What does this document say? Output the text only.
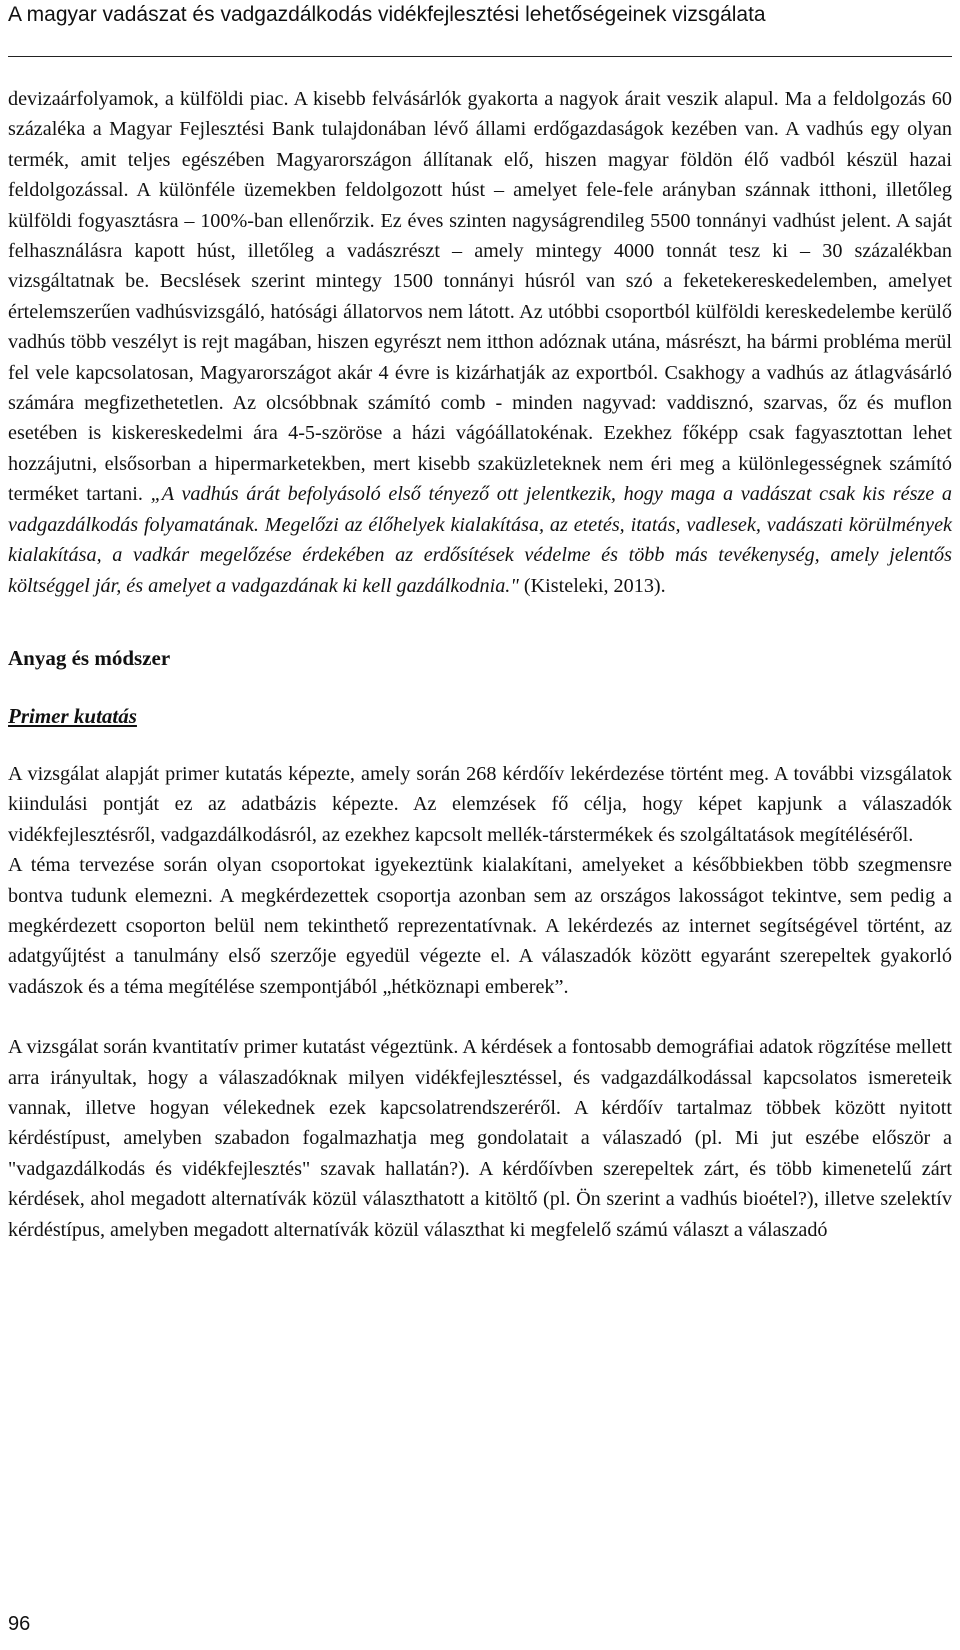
A magyar vadászat és vadgazdálkodás vidékfejlesztési lehetőségeinek vizsgálata

devizaárfolyamok, a külföldi piac. A kisebb felvásárlók gyakorta a nagyok árait veszik alapul. Ma a feldolgozás 60 százaléka a Magyar Fejlesztési Bank tulajdonában lévő állami erdőgazdaságok kezében van. A vadhús egy olyan termék, amit teljes egészében Magyarországon állítanak elő, hiszen magyar földön élő vadból készül hazai feldolgozással. A különféle üzemekben feldolgozott húst – amelyet fele-fele arányban szánnak itthoni, illetőleg külföldi fogyasztásra – 100%-ban ellenőrzik. Ez éves szinten nagyságrendileg 5500 tonnányi vadhúst jelent. A saját felhasználásra kapott húst, illetőleg a vadászrészt – amely mintegy 4000 tonnát tesz ki – 30 százalékban vizsgáltatnak be. Becslések szerint mintegy 1500 tonnányi húsról van szó a feketekereskedelemben, amelyet értelemszerűen vadhúsvizsgáló, hatósági állatorvos nem látott. Az utóbbi csoportból külföldi kereskedelembe kerülő vadhús több veszélyt is rejt magában, hiszen egyrészt nem itthon adóznak utána, másrészt, ha bármi probléma merül fel vele kapcsolatosan, Magyarországot akár 4 évre is kizárhatják az exportból. Csakhogy a vadhús az átlagvásárló számára megfizethetetlen. Az olcsóbbnak számító comb - minden nagyvad: vaddisznó, szarvas, őz és muflon esetében is kiskereskedelmi ára 4-5-szöröse a házi vágóállatokénak. Ezekhez főképp csak fagyasztottan lehet hozzájutni, elsősorban a hipermarketekben, mert kisebb szaküzleteknek nem éri meg a különlegességnek számító terméket tartani. „A vadhús árát befolyásoló első tényező ott jelentkezik, hogy maga a vadászat csak kis része a vadgazdálkodás folyamatának. Megelőzi az élőhelyek kialakítása, az etetés, itatás, vadlesek, vadászati körülmények kialakítása, a vadkár megelőzése érdekében az erdősítések védelme és több más tevékenység, amely jelentős költséggel jár, és amelyet a vadgazdának ki kell gazdálkodnia." (Kisteleki, 2013).

Anyag és módszer
Primer kutatás

A vizsgálat alapját primer kutatás képezte, amely során 268 kérdőív lekérdezése történt meg. A további vizsgálatok kiindulási pontját ez az adatbázis képezte. Az elemzések fő célja, hogy képet kapjunk a válaszadók vidékfejlesztésről, vadgazdálkodásról, az ezekhez kapcsolt mellék-társtermékek és szolgáltatások megítéléséről.

A téma tervezése során olyan csoportokat igyekeztünk kialakítani, amelyeket a későbbiekben több szegmensre bontva tudunk elemezni. A megkérdezettek csoportja azonban sem az országos lakosságot tekintve, sem pedig a megkérdezett csoporton belül nem tekinthető reprezentatívnak. A lekérdezés az internet segítségével történt, az adatgyűjtést a tanulmány első szerzője egyedül végezte el. A válaszadók között egyaránt szerepeltek gyakorló vadászok és a téma megítélése szempontjából „hétköznapi emberek”.

A vizsgálat során kvantitatív primer kutatást végeztünk. A kérdések a fontosabb demográfiai adatok rögzítése mellett arra irányultak, hogy a válaszadóknak milyen vidékfejlesztéssel, és vadgazdálkodással kapcsolatos ismereteik vannak, illetve hogyan vélekednek ezek kapcsolatrendszeréről. A kérdőív tartalmaz többek között nyitott kérdéstípust, amelyben szabadon fogalmazhatja meg gondolatait a válaszadó (pl. Mi jut eszébe először a "vadgazdálkodás és vidékfejlesztés" szavak hallatán?). A kérdőívben szerepeltek zárt, és több kimenetelű zárt kérdések, ahol megadott alternatívák közül választhatott a kitöltő (pl. Ön szerint a vadhús bioétel?), illetve szelektív kérdéstípus, amelyben megadott alternatívák közül választhat ki megfelelő számú választ a válaszadó

96
